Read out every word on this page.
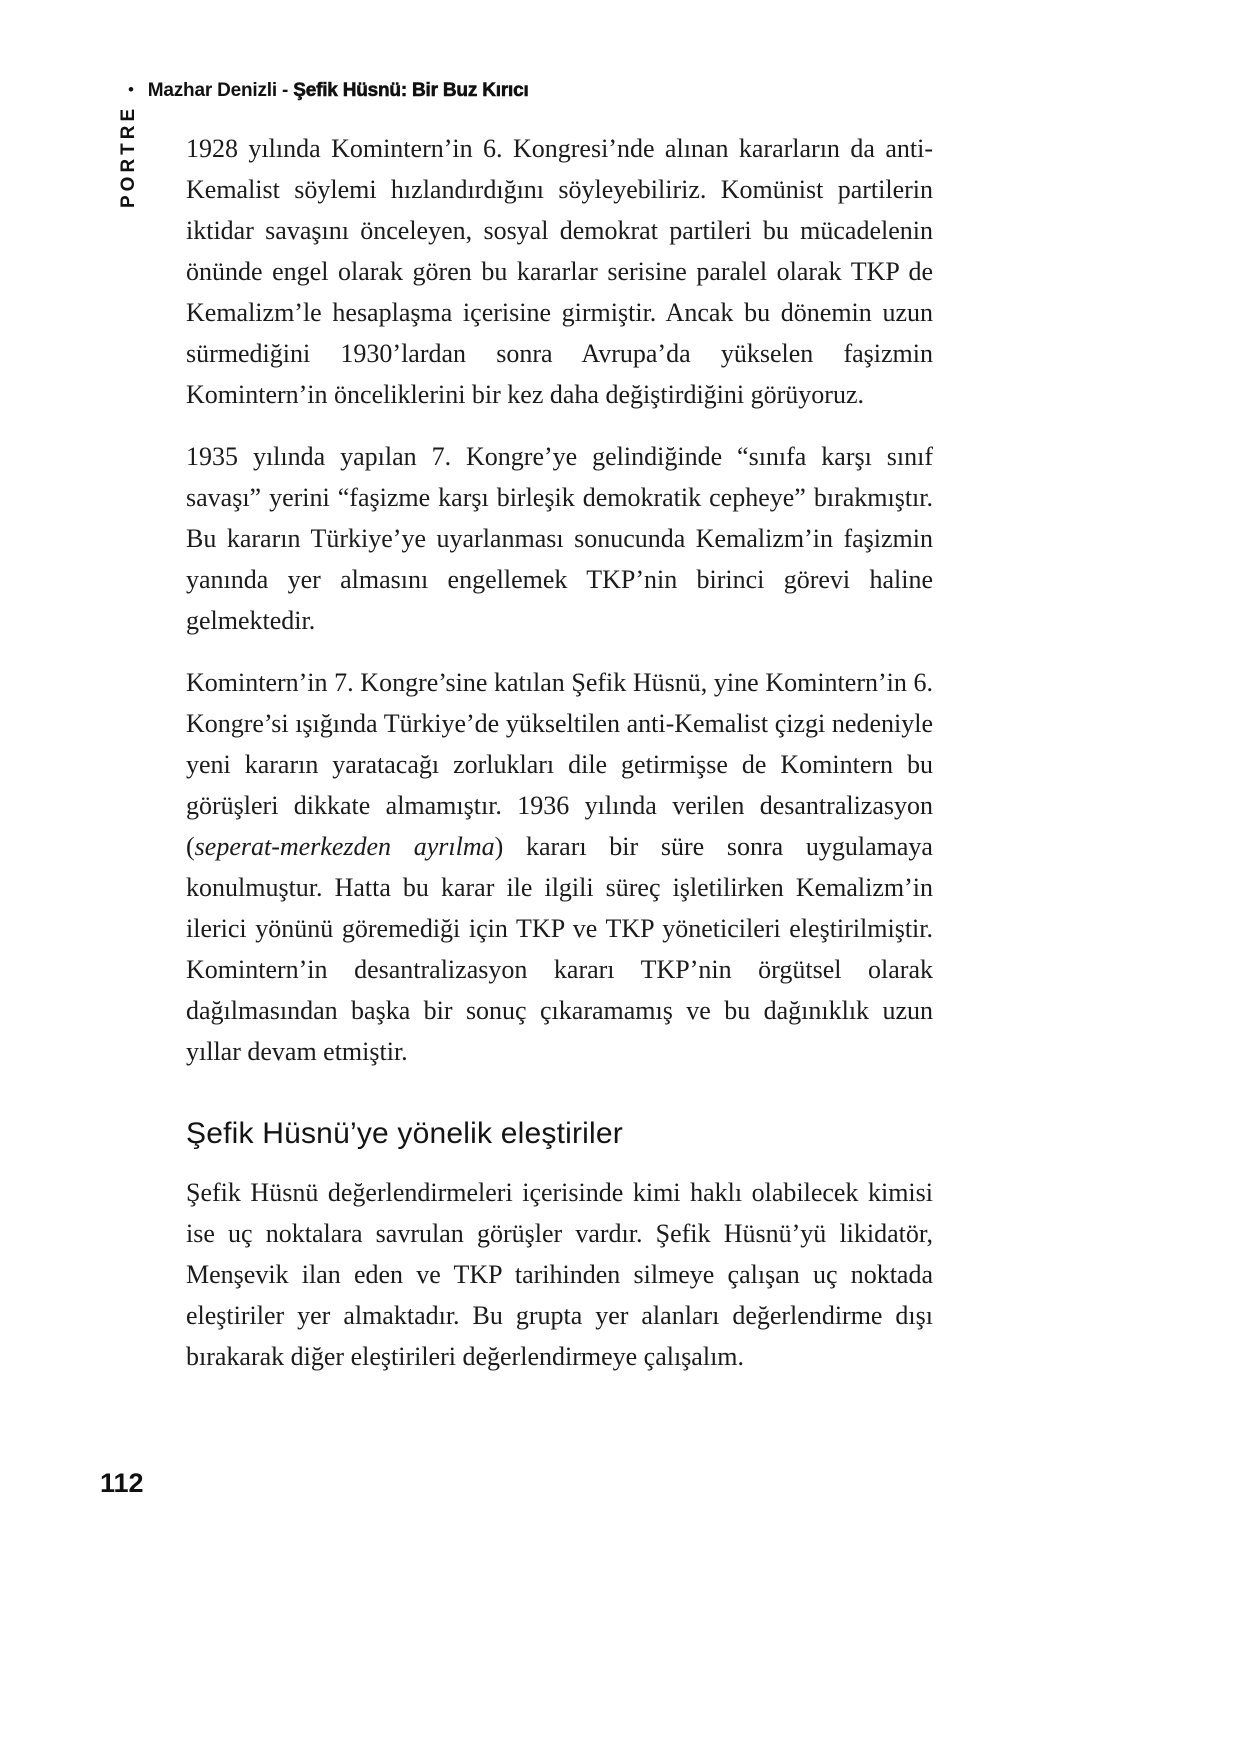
• Mazhar Denizli - Şefik Hüsnü: Bir Buz Kırıcı
PORTRE 1928 yılında Komintern’in 6. Kongresi’nde alınan kararların da anti-Kemalist söylemi hızlandırdığını söyleyebiliriz. Komünist partilerin iktidar savaşını önceleyen, sosyal demokrat partileri bu mücadelenin önünde engel olarak gören bu kararlar serisine paralel olarak TKP de Kemalizm’le hesaplaşma içerisine girmiştir. Ancak bu dönemin uzun sürmediğini 1930’lardan sonra Avrupa’da yükselen faşizmin Komintern’in önceliklerini bir kez daha değiştirdiğini görüyoruz.

1935 yılında yapılan 7. Kongre’ye gelindiğinde “sınıfa karşı sınıf savaşı” yerini “faşizme karşı birleşik demokratik cepheye” bırakmıştır. Bu kararın Türkiye’ye uyarlanması sonucunda Kemalizm’in faşizmin yanında yer almasını engellemek TKP’nin birinci görevi haline gelmektedir.

Komintern’in 7. Kongre’sine katılan Şefik Hüsnü, yine Komintern’in 6. Kongre’si ışığında Türkiye’de yükseltilen anti-Kemalist çizgi nedeniyle yeni kararın yaratacağı zorlukları dile getirmişse de Komintern bu görüşleri dikkate almamıştır. 1936 yılında verilen desantralizasyon (seperat-merkezden ayrılma) kararı bir süre sonra uygulamaya konulmuştur. Hatta bu karar ile ilgili süreç işletilirken Kemalizm’in ilerici yönünü göremediği için TKP ve TKP yöneticileri eleştirilmiştir. Komintern’in desantralizasyon kararı TKP’nin örgütsel olarak dağılmasından başka bir sonuç çıkaramamış ve bu dağınıklık uzun yıllar devam etmiştir.

Şefik Hüsnü’ye yönelik eleştiriler

Şefik Hüsnü değerlendirmeleri içerisinde kimi haklı olabilecek kimisi ise uç noktalara savrulan görüşler vardır. Şefik Hüsnü’yü likidatör, Menşevik ilan eden ve TKP tarihinden silmeye çalışan uç noktada eleştiriler yer almaktadır. Bu grupta yer alanları değerlendirme dışı bırakarak diğer eleştirileri değerlendirmeye çalışalım.

112
